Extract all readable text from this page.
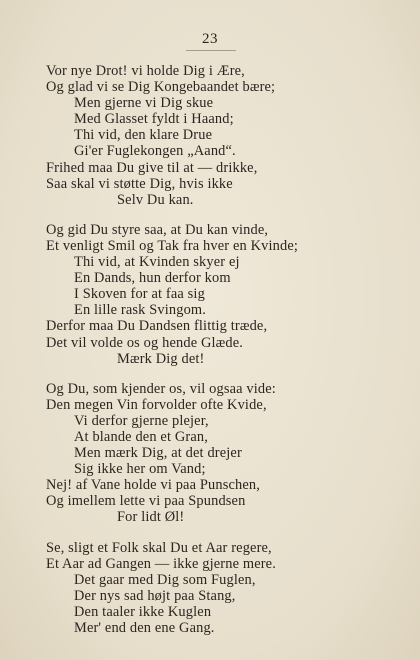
23
Vor nye Drot! vi holde Dig i Ære,
Og glad vi se Dig Kongebaandet bære;
Men gjerne vi Dig skue
Med Glasset fyldt i Haand;
Thi vid, den klare Drue
Gi'er Fuglekongen „Aand“.
Frihed maa Du give til at — drikke,
Saa skal vi støtte Dig, hvis ikke
Selv Du kan.
Og gid Du styre saa, at Du kan vinde,
Et venligt Smil og Tak fra hver en Kvinde;
Thi vid, at Kvinden skyer ej
En Dands, hun derfor kom
I Skoven for at faa sig
En lille rask Svingom.
Derfor maa Du Dandsen flittig træde,
Det vil volde os og hende Glæde.
Mærk Dig det!
Og Du, som kjender os, vil ogsaa vide:
Den megen Vin forvolder ofte Kvide,
Vi derfor gjerne plejer,
At blande den et Gran,
Men mærk Dig, at det drejer
Sig ikke her om Vand;
Nej! af Vane holde vi paa Punschen,
Og imellem lette vi paa Spundsen
For lidt Øl!
Se, sligt et Folk skal Du et Aar regere,
Et Aar ad Gangen — ikke gjerne mere.
Det gaar med Dig som Fuglen,
Der nys sad højt paa Stang,
Den taaler ikke Kuglen
Mer' end den ene Gang.
